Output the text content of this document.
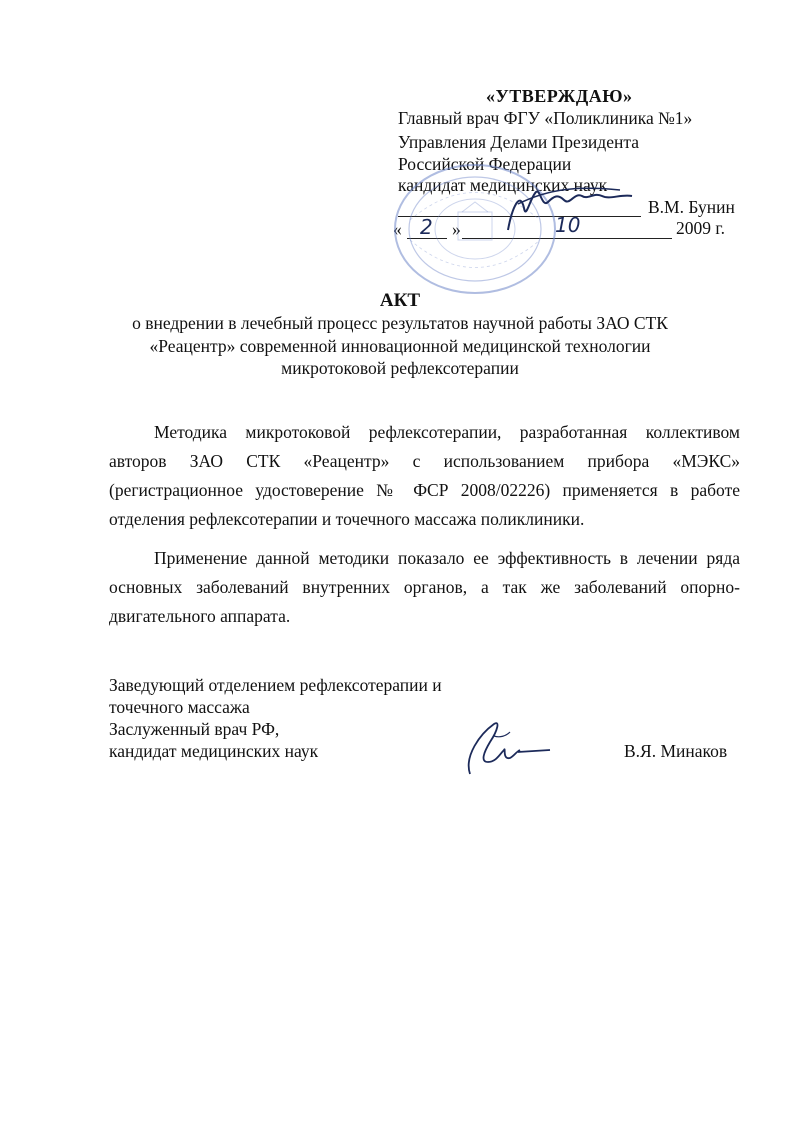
«УТВЕРЖДАЮ»
Главный врач ФГУ «Поликлиника №1»
Управления Делами Президента
Российской Федерации
кандидат медицинских наук
В.М. Бунин
« 2 »	10	2009 г.
АКТ
о внедрении в лечебный процесс результатов научной работы ЗАО СТК
«Реацентр» современной инновационной медицинской технологии
микротоковой рефлексотерапии
Методика микротоковой рефлексотерапии, разработанная коллективом авторов ЗАО СТК «Реацентр» с использованием прибора «МЭКС» (регистрационное удостоверение № ФСР 2008/02226) применяется в работе отделения рефлексотерапии и точечного массажа поликлиники.
Применение данной методики показало ее эффективность в лечении ряда основных заболеваний внутренних органов, а так же заболеваний опорно-двигательного аппарата.
Заведующий отделением рефлексотерапии и
точечного массажа
Заслуженный врач РФ,
кандидат медицинских наук	В.Я. Минаков
